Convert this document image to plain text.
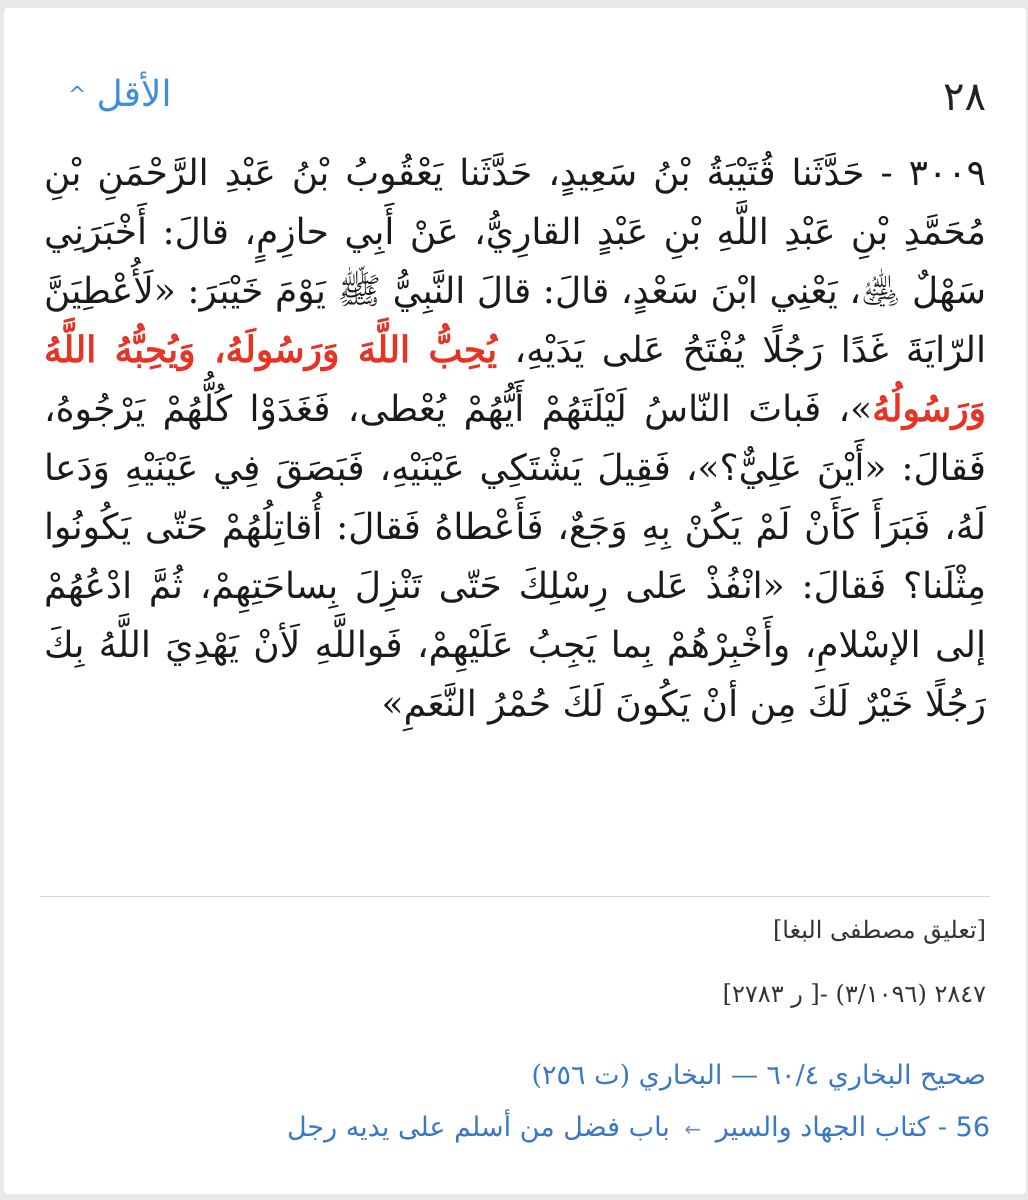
٢٨
الأقل^
٣٠٠٩ - حَدَّثَنا قُتَيْبَةُ بْنُ سَعِيدٍ، حَدَّثَنا يَعْقُوبُ بْنُ عَبْدِ الرَّحْمَنِ بْنِ مُحَمَّدِ بْنِ عَبْدِ اللَّهِ بْنِ عَبْدٍ القارِيُّ، عَنْ أَبِي حازِمٍ، قالَ: أَخْبَرَنِي سَهْلٌ ﵁، يَعْنِي ابْنَ سَعْدٍ، قالَ: قالَ النَّبِيُّ ﷺ يَوْمَ خَيْبَرَ: «لَأُعْطِيَنَّ الرّايَةَ غَدًا رَجُلًا يُفْتَحُ عَلى يَدَيْهِ، يُحِبُّ اللَّهَ وَرَسُولَهُ، وَيُحِبُّهُ اللَّهُ وَرَسُولُهُ»، فَباتَ النّاسُ لَيْلَتَهُمْ أَيُّهُمْ يُعْطى، فَغَدَوْا كُلُّهُمْ يَرْجُوهُ، فَقالَ: «أَيْنَ عَلِيٌّ؟»، فَقِيلَ يَشْتَكِي عَيْنَيْهِ، فَبَصَقَ فِي عَيْنَيْهِ وَدَعا لَهُ، فَبَرَأَ كَأَنْ لَمْ يَكُنْ بِهِ وَجَعٌ، فَأَعْطاهُ فَقالَ: أُقاتِلُهُمْ حَتّى يَكُونُوا مِثْلَنا؟ فَقالَ: «انْفُذْ عَلى رِسْلِكَ حَتّى تَنْزِلَ بِساحَتِهِمْ، ثُمَّ ادْعُهُمْ إلى الإسْلامِ، وأَخْبِرْهُمْ بِما يَجِبُ عَلَيْهِمْ، فَواللَّهِ لَأنْ يَهْدِيَ اللَّهُ بِكَ رَجُلًا خَيْرٌ لَكَ مِن أنْ يَكُونَ لَكَ حُمْرُ النَّعَمِ»
[تعليق مصطفى البغا]
٢٨٤٧ (٣/١٠٩٦) -[ ر ٢٧٨٣]
صحيح البخاري ٤/‏٦٠ — البخاري (ت ٢٥٦)
56 - كتاب الجهاد والسير ← باب فضل من أسلم على يديه رجل
